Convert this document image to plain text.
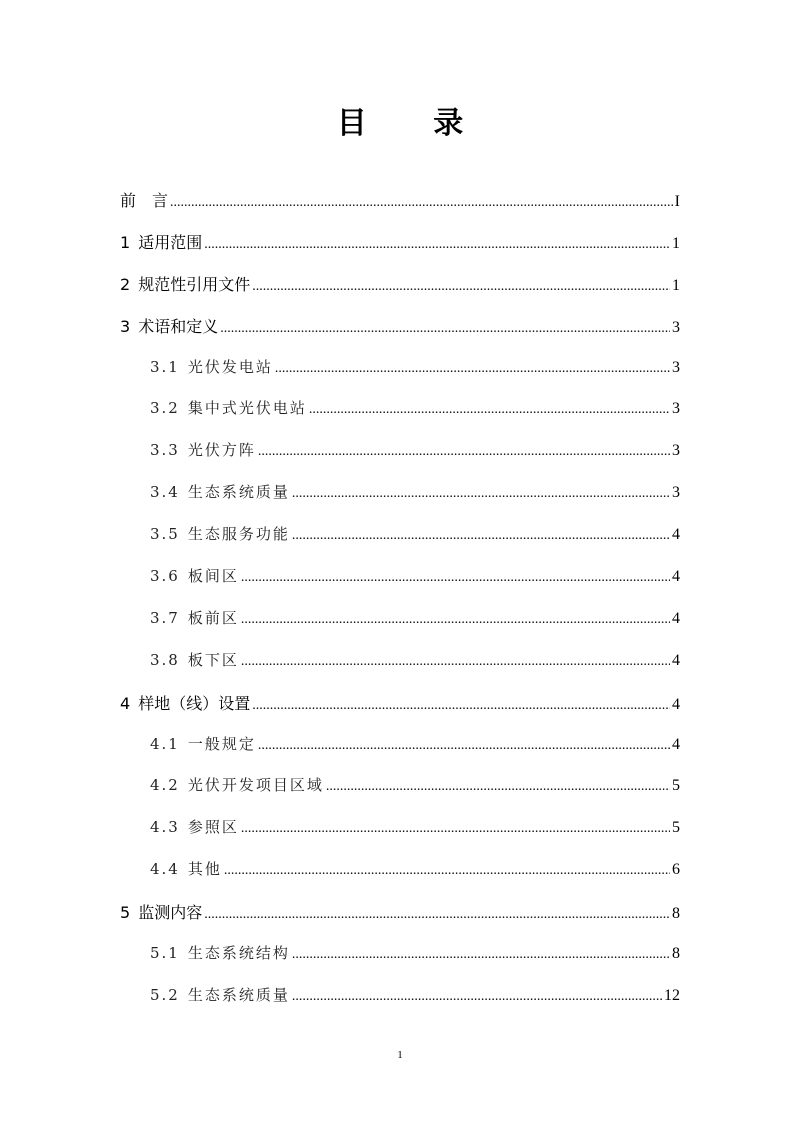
目 录
前　言 .....	I
1 适用范围 .....	1
2 规范性引用文件 .....	1
3 术语和定义 .....	3
3.1 光伏发电站 .....	3
3.2 集中式光伏电站 .....	3
3.3 光伏方阵 .....	3
3.4 生态系统质量 .....	3
3.5 生态服务功能 .....	4
3.6 板间区 .....	4
3.7 板前区 .....	4
3.8 板下区 .....	4
4 样地（线）设置 .....	4
4.1 一般规定 .....	4
4.2 光伏开发项目区域 .....	5
4.3 参照区 .....	5
4.4 其他 .....	6
5 监测内容 .....	8
5.1 生态系统结构 .....	8
5.2 生态系统质量 .....	12
1
